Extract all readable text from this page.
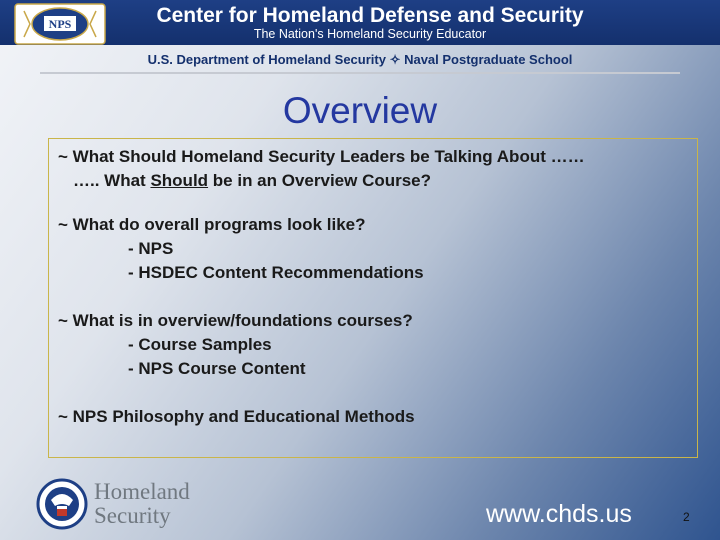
NPS	Center for Homeland Defense and Security
The Nation's Homeland Security Educator
U.S. Department of Homeland Security ✧ Naval Postgraduate School
Overview
~ What Should Homeland Security Leaders be Talking About ……
….. What Should be in an Overview Course?
~ What do overall programs look like?
- NPS
- HSDEC Content Recommendations
~ What is in overview/foundations courses?
- Course Samples
- NPS Course Content
~ NPS Philosophy and Educational Methods
Homeland
Security	www.chds.us	2
